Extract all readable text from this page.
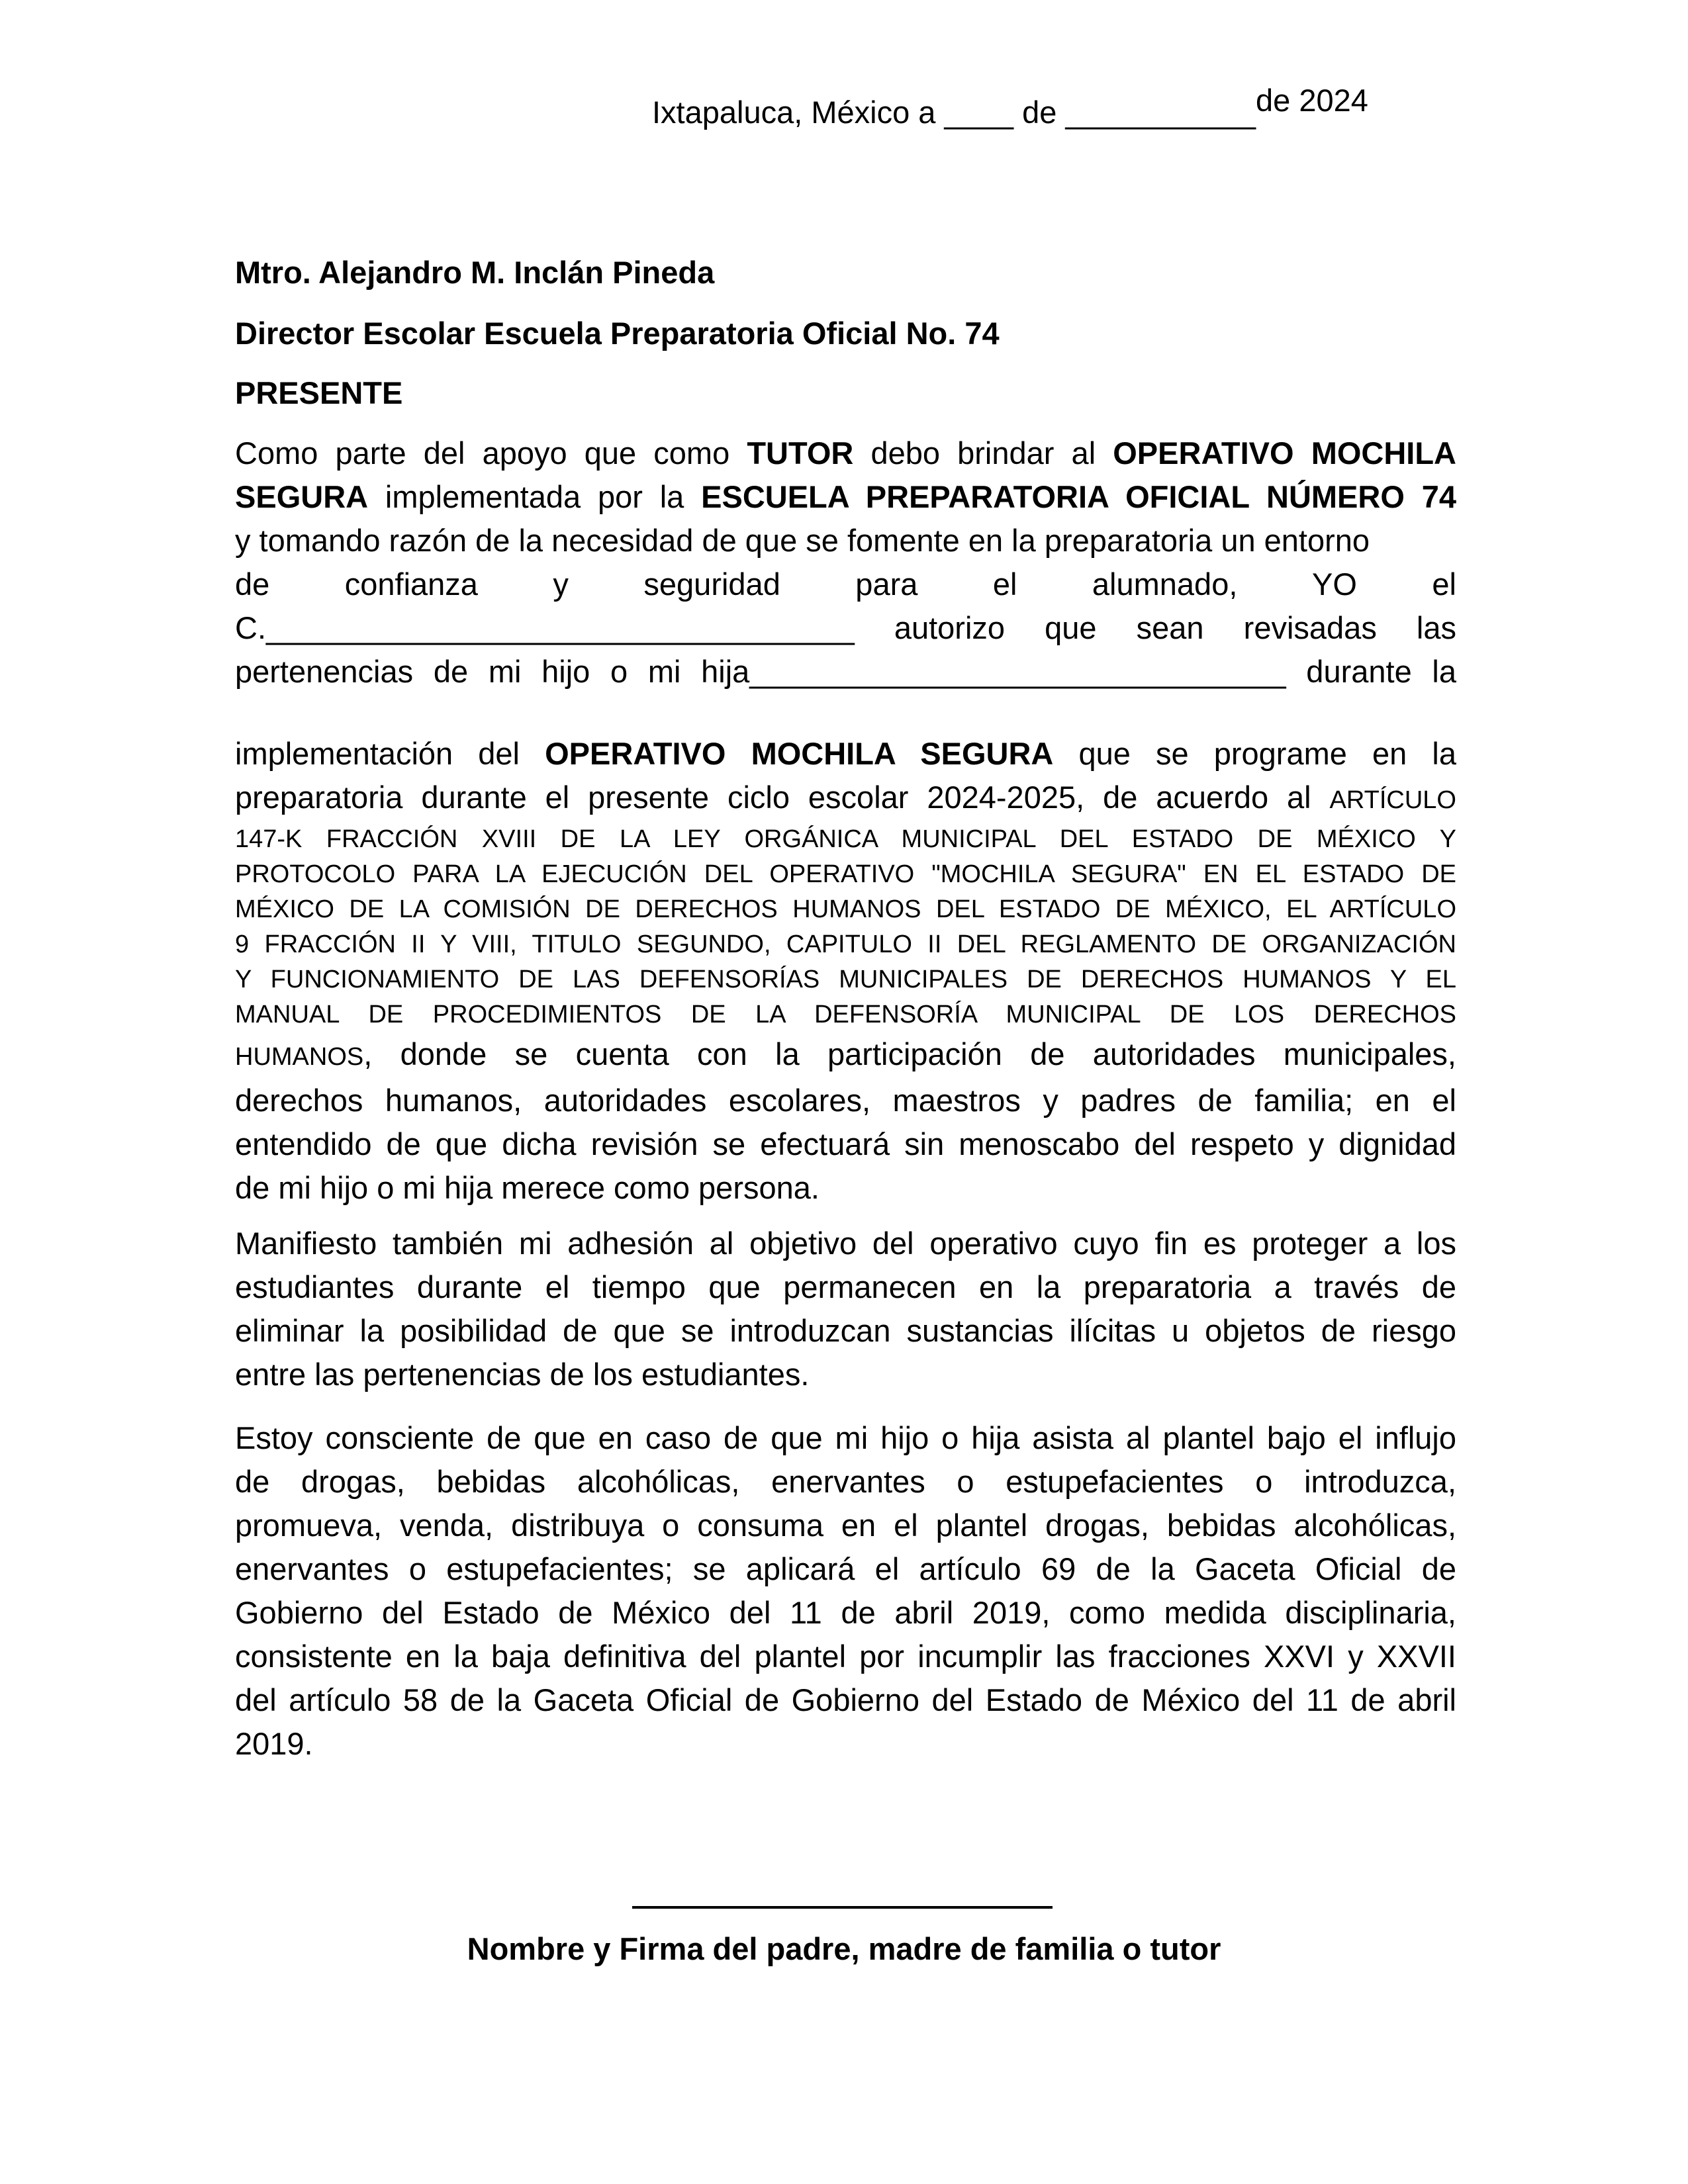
Ixtapaluca, México a ____ de ___________de 2024
Mtro. Alejandro M. Inclán Pineda
Director Escolar Escuela Preparatoria Oficial No. 74
PRESENTE
Como parte del apoyo que como TUTOR debo brindar al OPERATIVO MOCHILA
SEGURA implementada por la ESCUELA PREPARATORIA OFICIAL NÚMERO 74
y tomando razón de la necesidad de que se fomente en la preparatoria un entorno
de confianza y seguridad para el alumnado, YO el
C.__________________________________ autorizo que sean revisadas las
pertenencias de mi hijo o mi hija_______________________________ durante la
implementación del OPERATIVO MOCHILA SEGURA que se programe en la
preparatoria durante el presente ciclo escolar 2024-2025, de acuerdo al ARTÍCULO
147-K FRACCIÓN XVIII DE LA LEY ORGÁNICA MUNICIPAL DEL ESTADO DE MÉXICO Y
PROTOCOLO PARA LA EJECUCIÓN DEL OPERATIVO "MOCHILA SEGURA" EN EL ESTADO DE
MÉXICO DE LA COMISIÓN DE DERECHOS HUMANOS DEL ESTADO DE MÉXICO, EL ARTÍCULO
9 FRACCIÓN II Y VIII, TITULO SEGUNDO, CAPITULO II DEL REGLAMENTO DE ORGANIZACIÓN
Y FUNCIONAMIENTO DE LAS DEFENSORÍAS MUNICIPALES DE DERECHOS HUMANOS Y EL
MANUAL DE PROCEDIMIENTOS DE LA DEFENSORÍA MUNICIPAL DE LOS DERECHOS
HUMANOS, donde se cuenta con la participación de autoridades municipales,
derechos humanos, autoridades escolares, maestros y padres de familia; en el
entendido de que dicha revisión se efectuará sin menoscabo del respeto y dignidad
de mi hijo o mi hija merece como persona.
Manifiesto también mi adhesión al objetivo del operativo cuyo fin es proteger a los
estudiantes durante el tiempo que permanecen en la preparatoria a través de
eliminar la posibilidad de que se introduzcan sustancias ilícitas u objetos de riesgo
entre las pertenencias de los estudiantes.
Estoy consciente de que en caso de que mi hijo o hija asista al plantel bajo el influjo
de drogas, bebidas alcohólicas, enervantes o estupefacientes o introduzca,
promueva, venda, distribuya o consuma en el plantel drogas, bebidas alcohólicas,
enervantes o estupefacientes; se aplicará el artículo 69 de la Gaceta Oficial de
Gobierno del Estado de México del 11 de abril 2019, como medida disciplinaria,
consistente en la baja definitiva del plantel por incumplir las fracciones XXVI y XXVII
del artículo 58 de la Gaceta Oficial de Gobierno del Estado de México del 11 de abril
2019.
Nombre y Firma del padre, madre de familia o tutor
